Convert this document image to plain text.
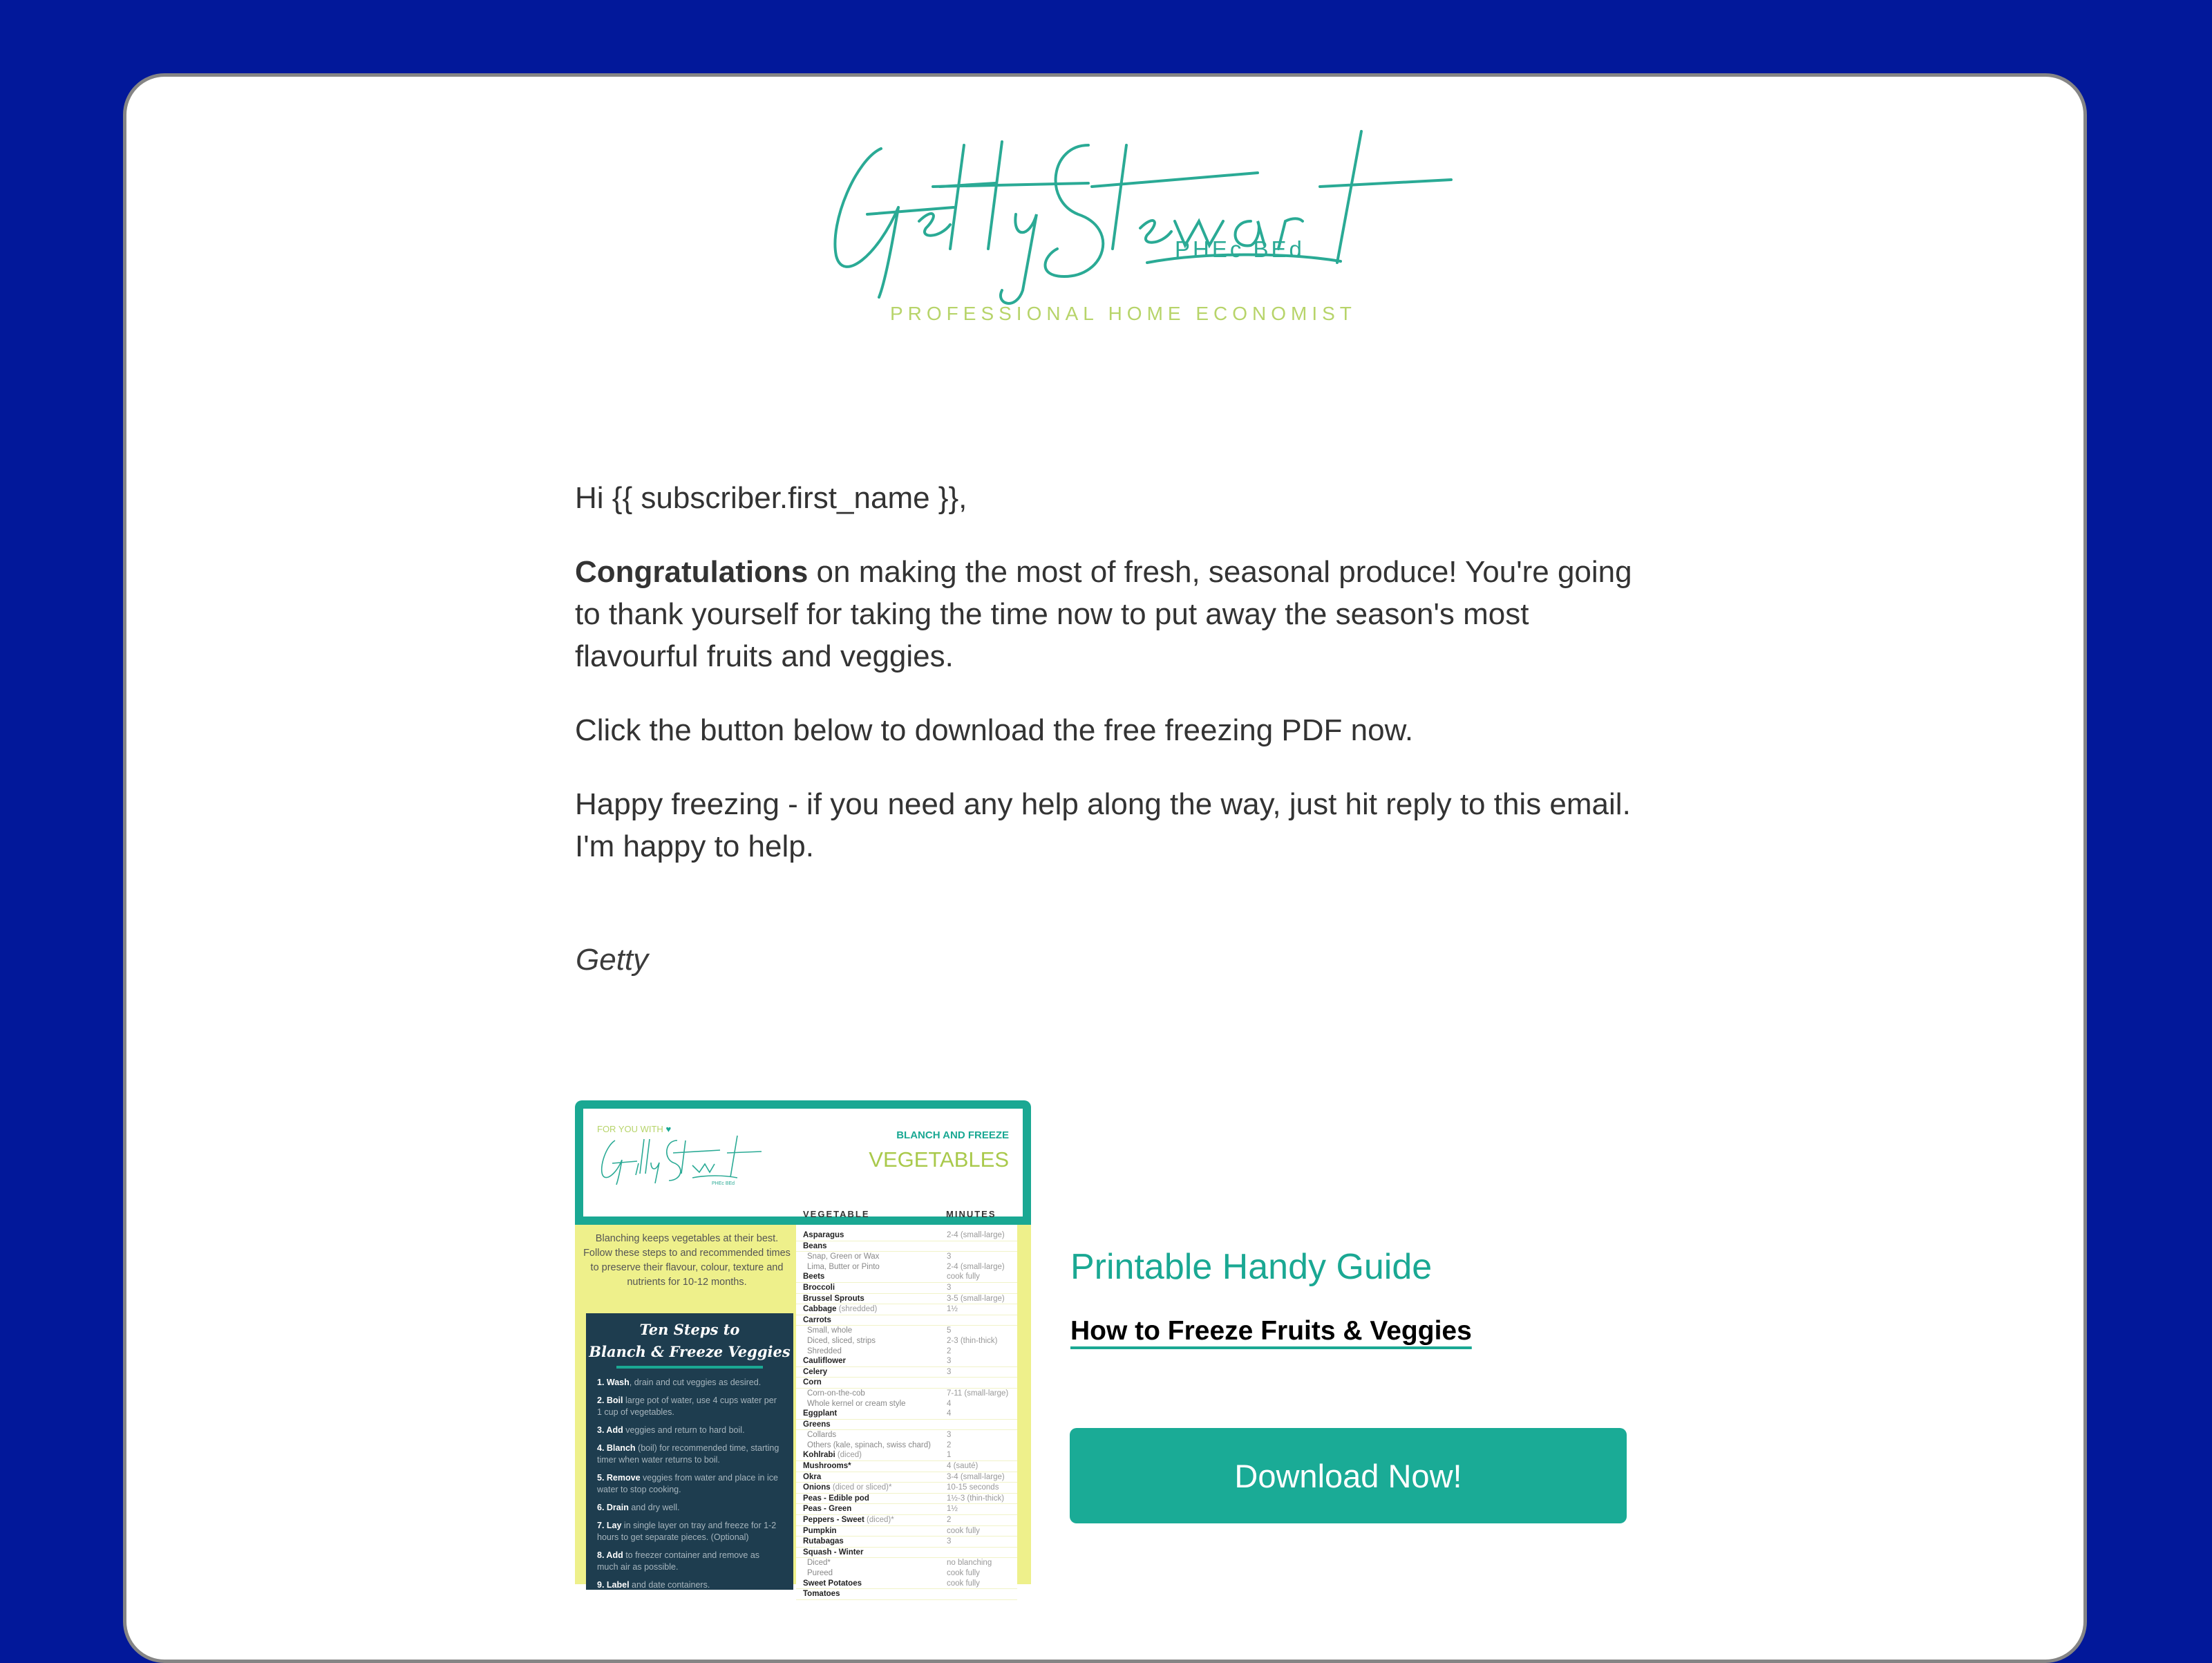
PHEc BEd
PROFESSIONAL HOME ECONOMIST

Hi {{ subscriber.first_name }},

Congratulations on making the most of fresh, seasonal produce! You're going to thank yourself for taking the time now to put away the season's most flavourful fruits and veggies.

Click the button below to download the free freezing PDF now.

Happy freezing - if you need any help along the way, just hit reply to this email. I'm happy to help.

Getty
FOR YOU WITH ♥
PHEc BEd
BLANCH AND FREEZE
VEGETABLES
VEGETABLE	MINUTES
Blanching keeps vegetables at their best. Follow these steps to and recommended times to preserve their flavour, colour, texture and nutrients for 10-12 months.
Ten Steps to
Blanch & Freeze Veggies
1. Wash, drain and cut veggies as desired.
2. Boil large pot of water, use 4 cups water per 1 cup of vegetables.
3. Add veggies and return to hard boil.
4. Blanch (boil) for recommended time, starting timer when water returns to boil.
5. Remove veggies from water and place in ice water to stop cooking.
6. Drain and dry well.
7. Lay in single layer on tray and freeze for 1-2 hours to get separate pieces. (Optional)
8. Add to freezer container and remove as much air as possible.
9. Label and date containers.
Asparagus	2-4 (small-large)
Beans
Snap, Green or Wax	3
Lima, Butter or Pinto	2-4 (small-large)
Beets	cook fully
Broccoli	3
Brussel Sprouts	3-5 (small-large)
Cabbage (shredded)	1½
Carrots
Small, whole	5
Diced, sliced, strips	2-3 (thin-thick)
Shredded	2
Cauliflower	3
Celery	3
Corn
Corn-on-the-cob	7-11 (small-large)
Whole kernel or cream style	4
Eggplant	4
Greens
Collards	3
Others (kale, spinach, swiss chard) 2
Kohlrabi (diced)	1
Mushrooms*	4 (sauté)
Okra	3-4 (small-large)
Onions (diced or sliced)*	10-15 seconds
Peas - Edible pod	1½-3 (thin-thick)
Peas - Green	1½
Peppers - Sweet (diced)*	2
Pumpkin	cook fully
Rutabagas	3
Squash - Winter
Diced*	no blanching
Pureed	cook fully
Sweet Potatoes	cook fully
Tomatoes
Printable Handy Guide
How to Freeze Fruits & Veggies
Download Now!
